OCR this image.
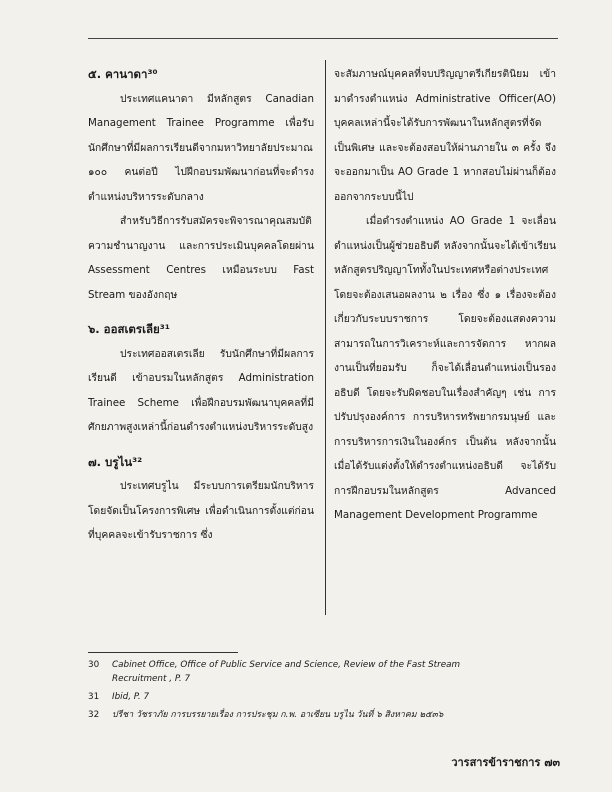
๕. คานาดา³⁰

ประเทศแคนาดา มีหลักสูตร Canadian Management Trainee Programme เพื่อรับนักศึกษาที่มีผลการเรียนดีจากมหาวิทยาลัยประมาณ ๑๐๐ คนต่อปี ไปฝึกอบรมพัฒนาก่อนที่จะดำรงตำแหน่งบริหารระดับกลาง

สำหรับวิธีการรับสมัครจะพิจารณาคุณสมบัติ ความชำนาญงาน และการประเมินบุคคลโดยผ่าน Assessment Centres เหมือนระบบ Fast Stream ของอังกฤษ

๖. ออสเตรเลีย³¹

ประเทศออสเตรเลีย รับนักศึกษาที่มีผลการเรียนดี เข้าอบรมในหลักสูตร Administration Trainee Scheme เพื่อฝึกอบรมพัฒนาบุคคลที่มีศักยภาพสูงเหล่านี้ก่อนดำรงตำแหน่งบริหารระดับสูง

๗. บรูไน³²

ประเทศบรูไน มีระบบการเตรียมนักบริหารโดยจัดเป็นโครงการพิเศษ เพื่อดำเนินการตั้งแต่ก่อนที่บุคคลจะเข้ารับราชการ ซึ่ง

จะสัมภาษณ์บุคคลที่จบปริญญาตรีเกียรตินิยม เข้ามาดำรงตำแหน่ง Administrative Officer(AO) บุคคลเหล่านี้จะได้รับการพัฒนาในหลักสูตรที่จัดเป็นพิเศษ และจะต้องสอบให้ผ่านภายใน ๓ ครั้ง จึงจะออกมาเป็น AO Grade 1 หากสอบไม่ผ่านก็ต้องออกจากระบบนี้ไป

เมื่อดำรงตำแหน่ง AO Grade 1 จะเลื่อนตำแหน่งเป็นผู้ช่วยอธิบดี หลังจากนั้นจะได้เข้าเรียนหลักสูตรปริญญาโททั้งในประเทศหรือต่างประเทศ โดยจะต้องเสนอผลงาน ๒ เรื่อง ซึ่ง ๑ เรื่องจะต้องเกี่ยวกับระบบราชการ โดยจะต้องแสดงความสามารถในการวิเคราะห์และการจัดการ หากผลงานเป็นที่ยอมรับ ก็จะได้เลื่อนตำแหน่งเป็นรองอธิบดี โดยจะรับผิดชอบในเรื่องสำคัญๆ เช่น การปรับปรุงองค์การ การบริหารทรัพยากรมนุษย์ และการบริหารการเงินในองค์กร เป็นต้น หลังจากนั้น เมื่อได้รับแต่งตั้งให้ดำรงตำแหน่งอธิบดี จะได้รับการฝึกอบรมในหลักสูตร Advanced Management Development Programme

30	Cabinet Office, Office of Public Service and Science, Review of the Fast Stream
Recruitment , P. 7
31	Ibid, P. 7
32	ปรีชา วัชราภัย การบรรยายเรื่อง การประชุม ก.พ. อาเซียน บรูไน วันที่ ๖ สิงหาคม ๒๕๓๖
วารสารข้าราชการ ๗๓
